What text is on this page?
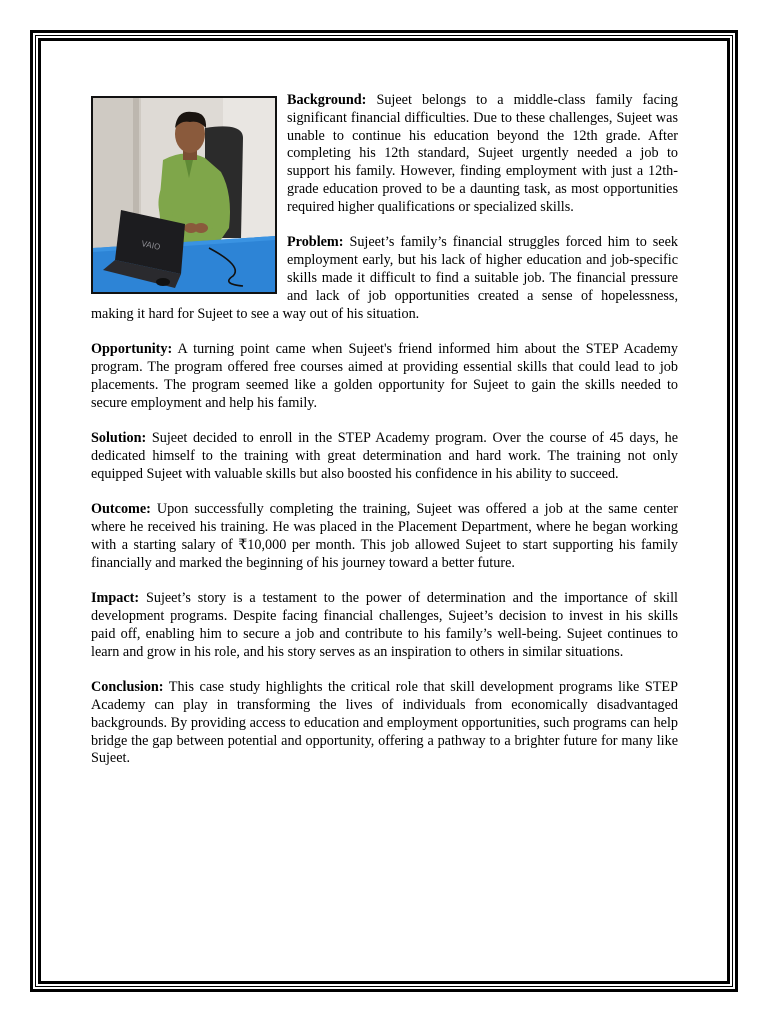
VAIO

Background: Sujeet belongs to a middle-class family facing significant financial difficulties. Due to these challenges, Sujeet was unable to continue his education beyond the 12th grade. After completing his 12th standard, Sujeet urgently needed a job to support his family. However, finding employment with just a 12th-grade education proved to be a daunting task, as most opportunities required higher qualifications or specialized skills.

Problem: Sujeet’s family’s financial struggles forced him to seek employment early, but his lack of higher education and job-specific skills made it difficult to find a suitable job. The financial pressure and lack of job opportunities created a sense of hopelessness, making it hard for Sujeet to see a way out of his situation.

Opportunity: A turning point came when Sujeet's friend informed him about the STEP Academy program. The program offered free courses aimed at providing essential skills that could lead to job placements. The program seemed like a golden opportunity for Sujeet to gain the skills needed to secure employment and help his family.

Solution: Sujeet decided to enroll in the STEP Academy program. Over the course of 45 days, he dedicated himself to the training with great determination and hard work. The training not only equipped Sujeet with valuable skills but also boosted his confidence in his ability to succeed.

Outcome: Upon successfully completing the training, Sujeet was offered a job at the same center where he received his training. He was placed in the Placement Department, where he began working with a starting salary of ₹10,000 per month. This job allowed Sujeet to start supporting his family financially and marked the beginning of his journey toward a better future.

Impact: Sujeet’s story is a testament to the power of determination and the importance of skill development programs. Despite facing financial challenges, Sujeet’s decision to invest in his skills paid off, enabling him to secure a job and contribute to his family’s well-being. Sujeet continues to learn and grow in his role, and his story serves as an inspiration to others in similar situations.

Conclusion: This case study highlights the critical role that skill development programs like STEP Academy can play in transforming the lives of individuals from economically disadvantaged backgrounds. By providing access to education and employment opportunities, such programs can help bridge the gap between potential and opportunity, offering a pathway to a brighter future for many like Sujeet.
